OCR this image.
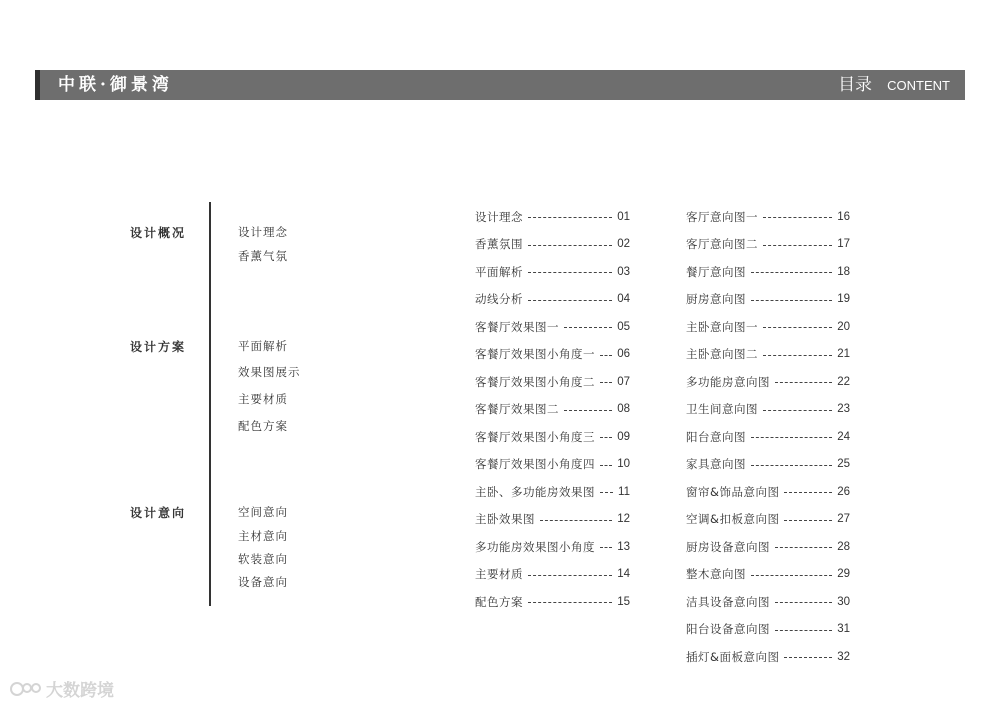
中联·御景湾	目录 CONTENT
设计概况	设计理念
香薰气氛
设计方案	平面解析
效果图展示
主要材质
配色方案
设计意向	空间意向
主材意向
软装意向
设备意向
设计理念	01
香薰氛围	02
平面解析	03
动线分析	04
客餐厅效果图一	05
客餐厅效果图小角度一 06
客餐厅效果图小角度二 07
客餐厅效果图二	08
客餐厅效果图小角度三 09
客餐厅效果图小角度四 10
主卧、多功能房效果图 11
主卧效果图	12
多功能房效果图小角度 13
主要材质	14
配色方案	15
客厅意向图一	16
客厅意向图二	17
餐厅意向图	18
厨房意向图	19
主卧意向图一	20
主卧意向图二	21
多功能房意向图	22
卫生间意向图	23
阳台意向图	24
家具意向图	25
窗帘&饰品意向图	26
空调&扣板意向图	27
厨房设备意向图	28
整木意向图	29
洁具设备意向图	30
阳台设备意向图	31
插灯&面板意向图	32
大数跨境
